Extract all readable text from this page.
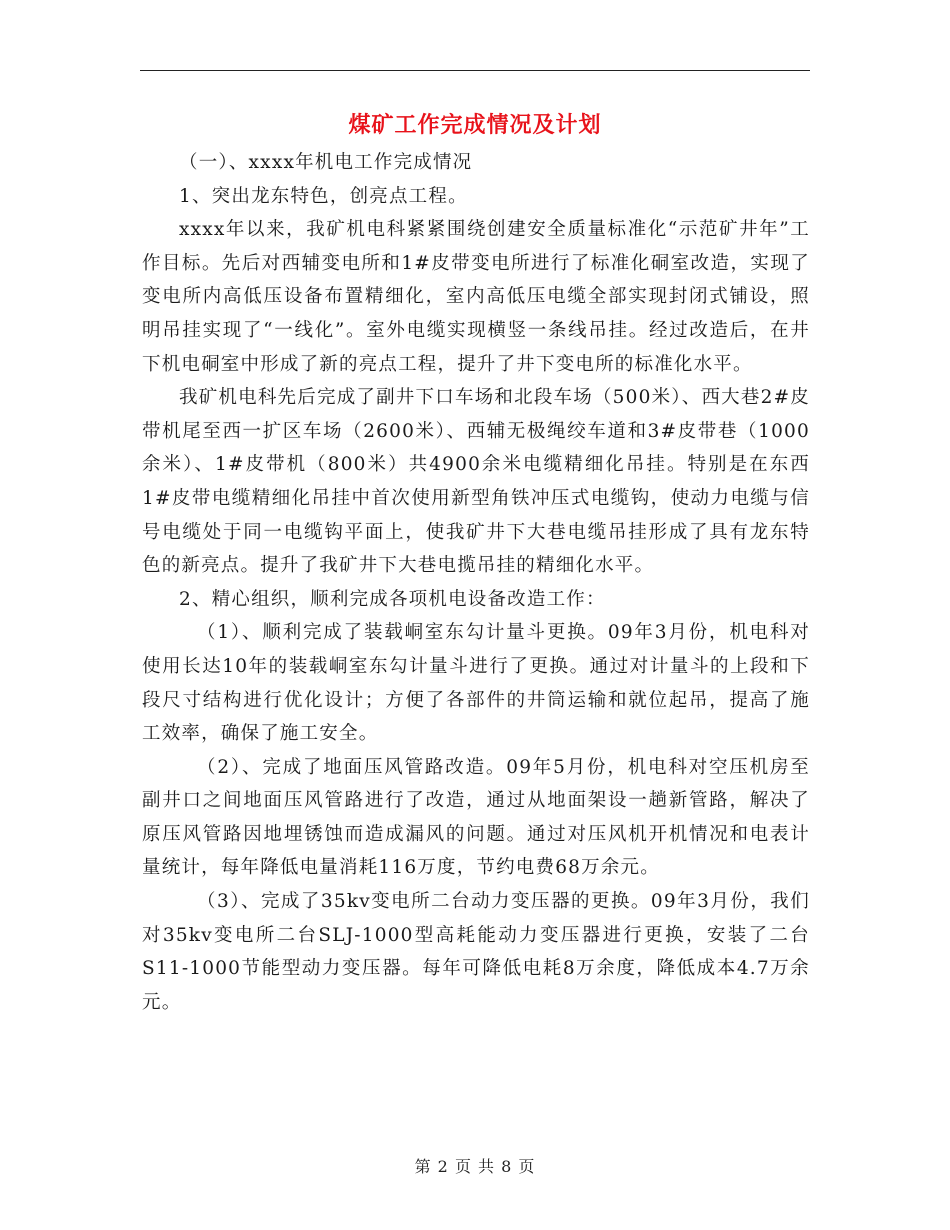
煤矿工作完成情况及计划

（一）、xxxx年机电工作完成情况

1、突出龙东特色，创亮点工程。

xxxx年以来，我矿机电科紧紧围绕创建安全质量标准化“示范矿井年”工作目标。先后对西辅变电所和1#皮带变电所进行了标准化硐室改造，实现了变电所内高低压设备布置精细化，室内高低压电缆全部实现封闭式铺设，照明吊挂实现了“一线化”。室外电缆实现横竖一条线吊挂。经过改造后，在井下机电硐室中形成了新的亮点工程，提升了井下变电所的标准化水平。

我矿机电科先后完成了副井下口车场和北段车场（500米）、西大巷2#皮带机尾至西一扩区车场（2600米）、西辅无极绳绞车道和3#皮带巷（1000余米）、1#皮带机（800米）共4900余米电缆精细化吊挂。特别是在东西1#皮带电缆精细化吊挂中首次使用新型角铁冲压式电缆钩，使动力电缆与信号电缆处于同一电缆钩平面上，使我矿井下大巷电缆吊挂形成了具有龙东特色的新亮点。提升了我矿井下大巷电揽吊挂的精细化水平。

2、精心组织，顺利完成各项机电设备改造工作：

（1）、顺利完成了装载峒室东勾计量斗更换。09年3月份，机电科对使用长达10年的装载峒室东勾计量斗进行了更换。通过对计量斗的上段和下段尺寸结构进行优化设计；方便了各部件的井筒运输和就位起吊，提高了施工效率，确保了施工安全。

（2）、完成了地面压风管路改造。09年5月份，机电科对空压机房至副井口之间地面压风管路进行了改造，通过从地面架设一趟新管路，解决了原压风管路因地埋锈蚀而造成漏风的问题。通过对压风机开机情况和电表计量统计，每年降低电量消耗116万度，节约电费68万余元。

（3）、完成了35kv变电所二台动力变压器的更换。09年3月份，我们对35kv变电所二台SLJ-1000型高耗能动力变压器进行更换，安装了二台S11-1000节能型动力变压器。每年可降低电耗8万余度，降低成本4.7万余元。

第 2 页 共 8 页
